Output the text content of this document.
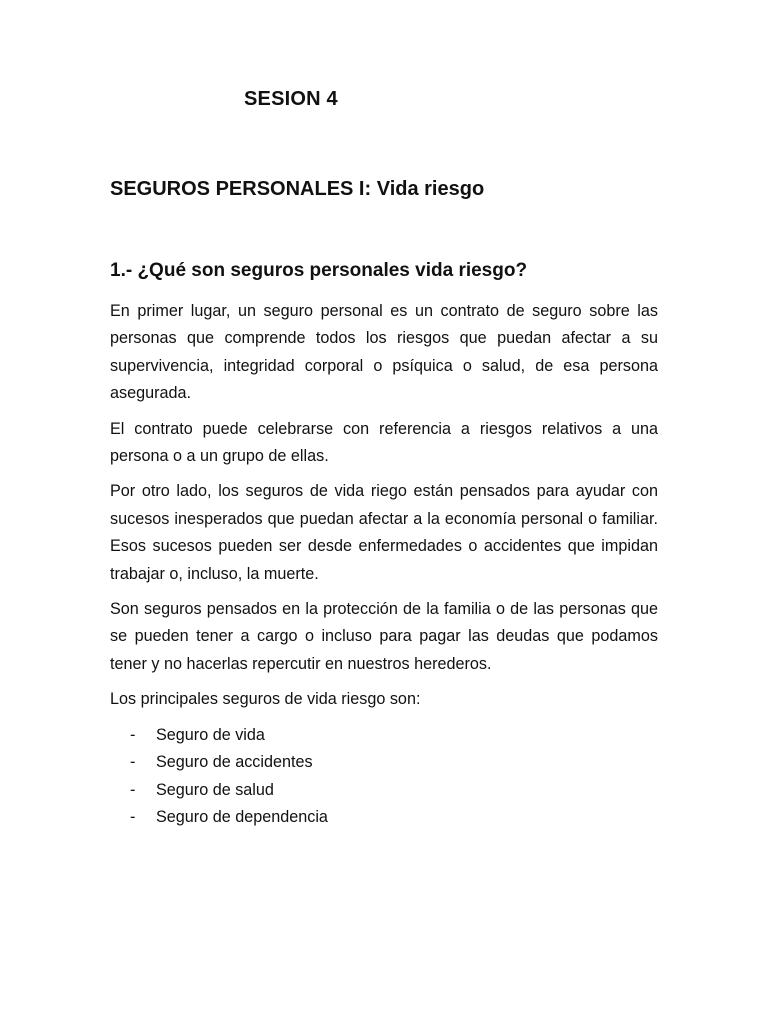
SESION 4
SEGUROS PERSONALES I: Vida riesgo
1.- ¿Qué son seguros personales vida riesgo?

En primer lugar, un seguro personal es un contrato de seguro sobre las personas que comprende todos los riesgos que puedan afectar a su supervivencia, integridad corporal o psíquica o salud, de esa persona asegurada.

El contrato puede celebrarse con referencia a riesgos relativos a una persona o a un grupo de ellas.

Por otro lado, los seguros de vida riego están pensados para ayudar con sucesos inesperados que puedan afectar a la economía personal o familiar. Esos sucesos pueden ser desde enfermedades o accidentes que impidan trabajar o, incluso, la muerte.

Son seguros pensados en la protección de la familia o de las personas que se pueden tener a cargo o incluso para pagar las deudas que podamos tener y no hacerlas repercutir en nuestros herederos.

Los principales seguros de vida riesgo son:

- Seguro de vida
- Seguro de accidentes
- Seguro de salud
- Seguro de dependencia
